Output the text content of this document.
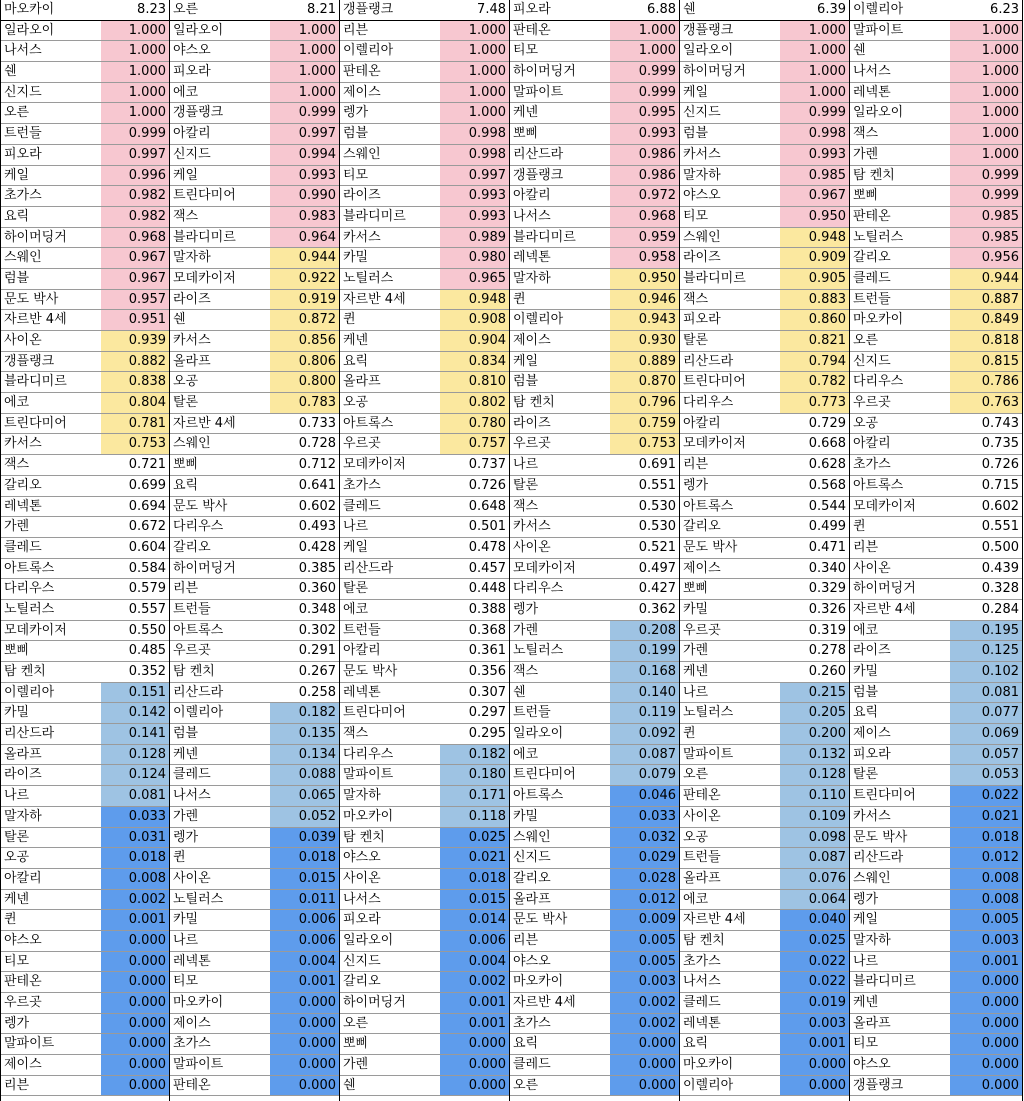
마오카이	8.23
일라오이	1.000
나서스	1.000
쉔	1.000
신지드	1.000
오른	1.000
트런들	0.999
피오라	0.997
케일	0.996
초가스	0.982
요릭	0.982
하이머딩거	0.968
스웨인	0.967
럼블	0.967
문도 박사	0.957
자르반 4세	0.951
사이온	0.939
갱플랭크	0.882
블라디미르	0.838
에코	0.804
트린다미어	0.781
카서스	0.753
잭스	0.721
갈리오	0.699
레넥톤	0.694
가렌	0.672
클레드	0.604
아트록스	0.584
다리우스	0.579
노틸러스	0.557
모데카이저	0.550
뽀삐	0.485
탐 켄치	0.352
이렐리아	0.151
카밀	0.142
리산드라	0.141
올라프	0.128
라이즈	0.124
나르	0.081
말자하	0.033
탈론	0.031
오공	0.018
아칼리	0.008
케넨	0.002
퀸	0.001
야스오	0.000
티모	0.000
판테온	0.000
우르곳	0.000
렝가	0.000
말파이트	0.000
제이스	0.000
리븐	0.000
오른	8.21
일라오이	1.000
야스오	1.000
피오라	1.000
에코	1.000
갱플랭크	0.999
아칼리	0.997
신지드	0.994
케일	0.993
트린다미어	0.990
잭스	0.983
블라디미르	0.964
말자하	0.944
모데카이저	0.922
라이즈	0.919
쉔	0.872
카서스	0.856
올라프	0.806
오공	0.800
탈론	0.783
자르반 4세	0.733
스웨인	0.728
뽀삐	0.712
요릭	0.641
문도 박사	0.602
다리우스	0.493
갈리오	0.428
하이머딩거	0.385
리븐	0.360
트런들	0.348
아트록스	0.302
우르곳	0.291
탐 켄치	0.267
리산드라	0.258
이렐리아	0.182
럼블	0.135
케넨	0.134
클레드	0.088
나서스	0.065
가렌	0.052
렝가	0.039
퀸	0.018
사이온	0.015
노틸러스	0.011
카밀	0.006
나르	0.006
레넥톤	0.004
티모	0.001
마오카이	0.000
제이스	0.000
초가스	0.000
말파이트	0.000
판테온	0.000
갱플랭크	7.48
리븐	1.000
이렐리아	1.000
판테온	1.000
제이스	1.000
렝가	1.000
럼블	0.998
스웨인	0.998
티모	0.997
라이즈	0.993
블라디미르	0.993
카서스	0.989
카밀	0.980
노틸러스	0.965
자르반 4세	0.948
퀸	0.908
케넨	0.904
요릭	0.834
올라프	0.810
오공	0.802
아트록스	0.780
우르곳	0.757
모데카이저	0.737
초가스	0.726
클레드	0.648
나르	0.501
케일	0.478
리산드라	0.457
탈론	0.448
에코	0.388
트런들	0.368
아칼리	0.361
문도 박사	0.356
레넥톤	0.307
트린다미어	0.297
잭스	0.295
다리우스	0.182
말파이트	0.180
말자하	0.171
마오카이	0.118
탐 켄치	0.025
야스오	0.021
사이온	0.018
나서스	0.015
피오라	0.014
일라오이	0.006
신지드	0.004
갈리오	0.002
하이머딩거	0.001
오른	0.001
뽀삐	0.000
가렌	0.000
쉔	0.000
피오라	6.88
판테온	1.000
티모	1.000
하이머딩거	0.999
말파이트	0.999
케넨	0.995
뽀삐	0.993
리산드라	0.986
갱플랭크	0.986
아칼리	0.972
나서스	0.968
블라디미르	0.959
레넥톤	0.958
말자하	0.950
퀸	0.946
이렐리아	0.943
제이스	0.930
케일	0.889
럼블	0.870
탐 켄치	0.796
라이즈	0.759
우르곳	0.753
나르	0.691
탈론	0.551
잭스	0.530
카서스	0.530
사이온	0.521
모데카이저	0.497
다리우스	0.427
렝가	0.362
가렌	0.208
노틸러스	0.199
잭스	0.168
쉔	0.140
트런들	0.119
일라오이	0.092
에코	0.087
트린다미어	0.079
아트록스	0.046
카밀	0.033
스웨인	0.032
신지드	0.029
갈리오	0.028
올라프	0.012
문도 박사	0.009
리븐	0.005
야스오	0.005
마오카이	0.003
자르반 4세	0.002
초가스	0.002
요릭	0.000
클레드	0.000
오른	0.000
쉔	6.39
갱플랭크	1.000
일라오이	1.000
하이머딩거	1.000
케일	1.000
신지드	0.999
럼블	0.998
카서스	0.993
말자하	0.985
야스오	0.967
티모	0.950
스웨인	0.948
라이즈	0.909
블라디미르	0.905
잭스	0.883
피오라	0.860
탈론	0.821
리산드라	0.794
트린다미어	0.782
다리우스	0.773
아칼리	0.729
모데카이저	0.668
리븐	0.628
렝가	0.568
아트록스	0.544
갈리오	0.499
문도 박사	0.471
제이스	0.340
뽀삐	0.329
카밀	0.326
우르곳	0.319
가렌	0.278
케넨	0.260
나르	0.215
노틸러스	0.205
퀸	0.200
말파이트	0.132
오른	0.128
판테온	0.110
사이온	0.109
오공	0.098
트런들	0.087
올라프	0.076
에코	0.064
자르반 4세	0.040
탐 켄치	0.025
초가스	0.022
나서스	0.022
클레드	0.019
레넥톤	0.003
요릭	0.001
마오카이	0.000
이렐리아	0.000
이렐리아	6.23
말파이트	1.000
쉔	1.000
나서스	1.000
레넥톤	1.000
일라오이	1.000
잭스	1.000
가렌	1.000
탐 켄치	0.999
뽀삐	0.999
판테온	0.985
노틸러스	0.985
갈리오	0.956
클레드	0.944
트런들	0.887
마오카이	0.849
오른	0.818
신지드	0.815
다리우스	0.786
우르곳	0.763
오공	0.743
아칼리	0.735
초가스	0.726
아트록스	0.715
모데카이저	0.602
퀸	0.551
리븐	0.500
사이온	0.439
하이머딩거	0.328
자르반 4세	0.284
에코	0.195
라이즈	0.125
카밀	0.102
럼블	0.081
요릭	0.077
제이스	0.069
피오라	0.057
탈론	0.053
트린다미어	0.022
카서스	0.021
문도 박사	0.018
리산드라	0.012
스웨인	0.008
렝가	0.008
케일	0.005
말자하	0.003
나르	0.001
블라디미르	0.000
케넨	0.000
올라프	0.000
티모	0.000
야스오	0.000
갱플랭크	0.000
